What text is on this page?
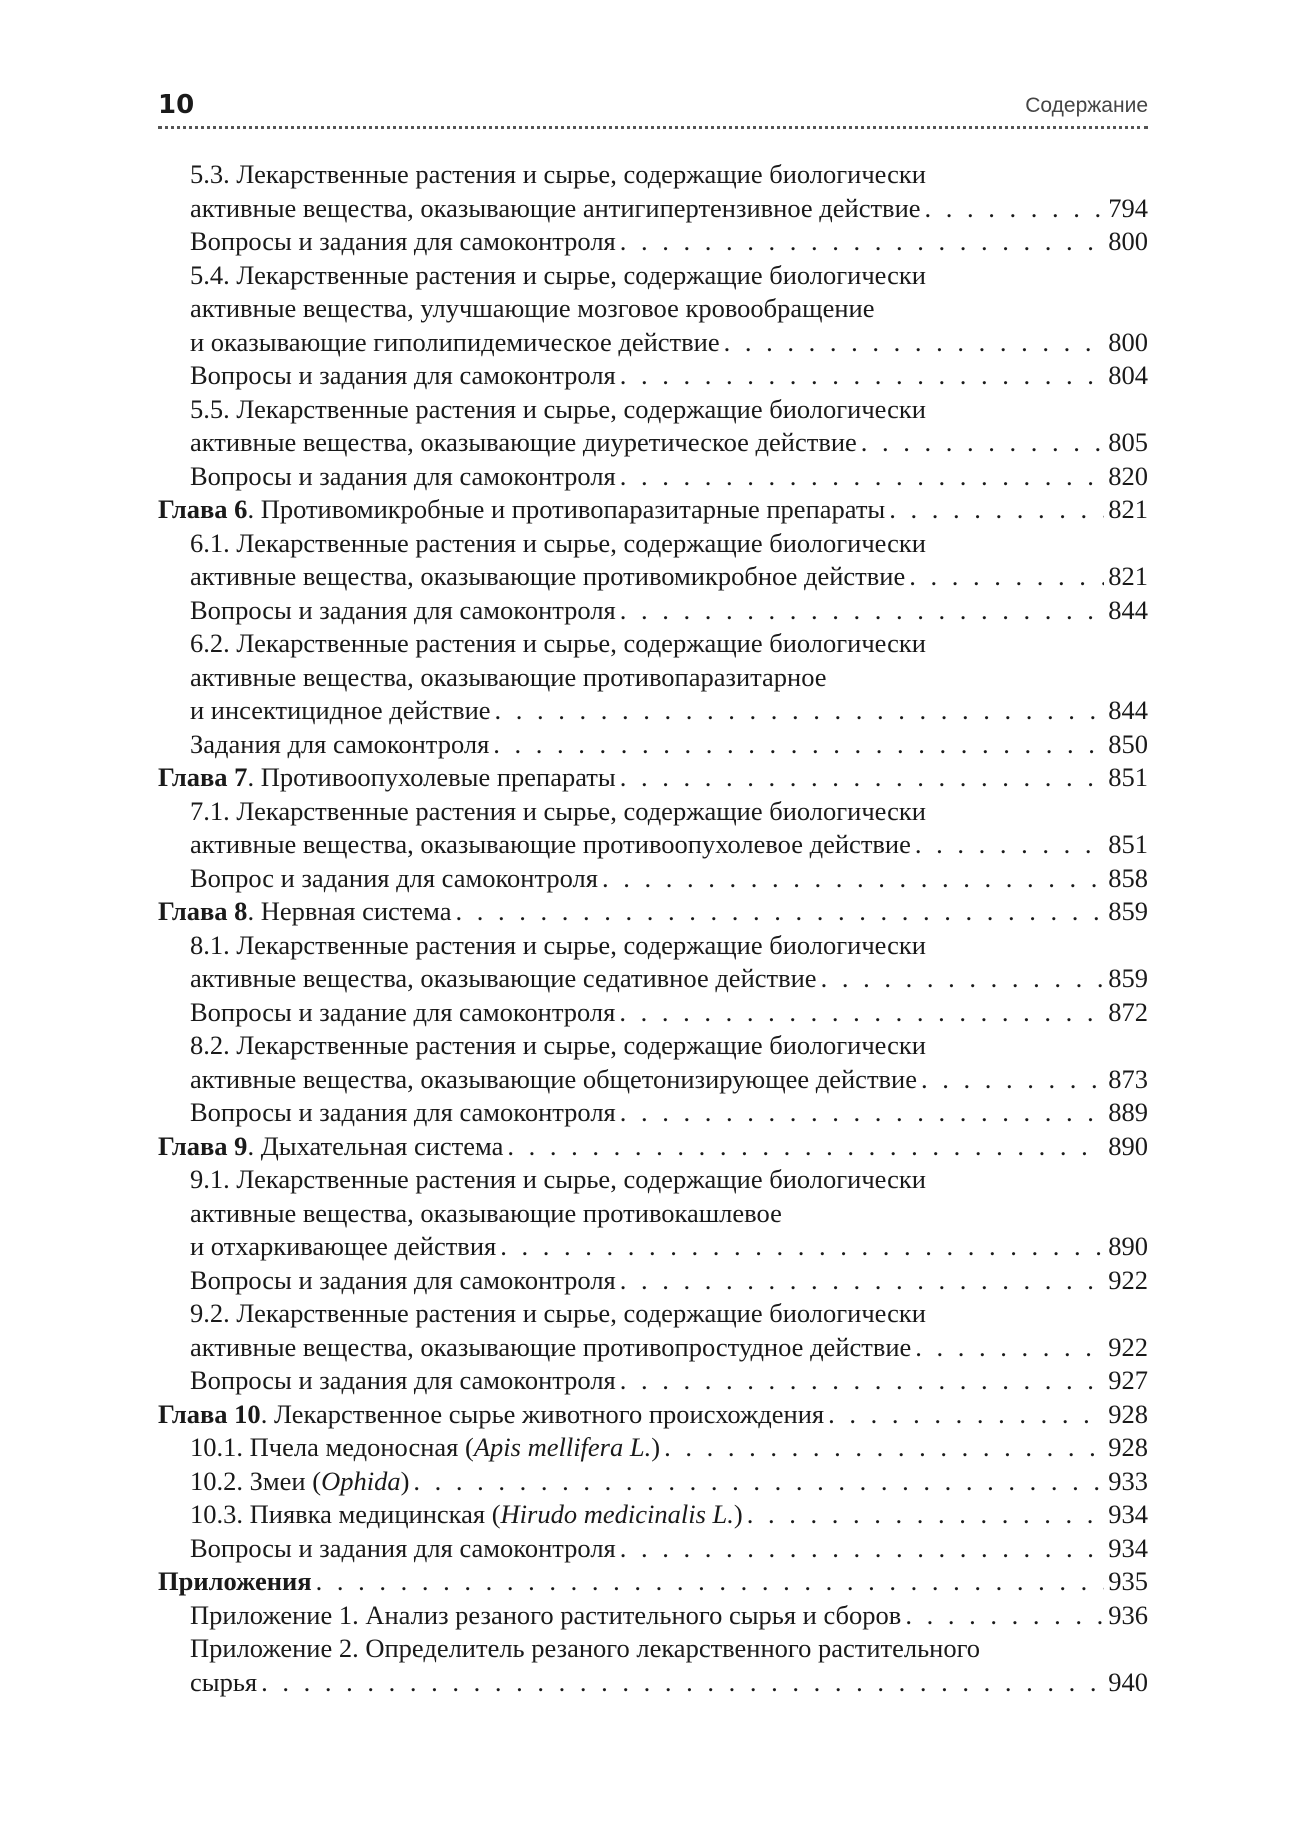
10	Содержание
5.3. Лекарственные растения и сырье, содержащие биологически
активные вещества, оказывающие антигипертензивное действие . . .	794
Вопросы и задания для самоконтроля . . .	800
5.4. Лекарственные растения и сырье, содержащие биологически
активные вещества, улучшающие мозговое кровообращение
и оказывающие гиполипидемическое действие . . .	800
Вопросы и задания для самоконтроля . . .	804
5.5. Лекарственные растения и сырье, содержащие биологически
активные вещества, оказывающие диуретическое действие . . .	805
Вопросы и задания для самоконтроля . . .	820
Глава 6. Противомикробные и противопаразитарные препараты . . .	821
6.1. Лекарственные растения и сырье, содержащие биологически
активные вещества, оказывающие противомикробное действие . . .	821
Вопросы и задания для самоконтроля . . .	844
6.2. Лекарственные растения и сырье, содержащие биологически
активные вещества, оказывающие противопаразитарное
и инсектицидное действие . . .	844
Задания для самоконтроля . . .	850
Глава 7. Противоопухолевые препараты . . .	851
7.1. Лекарственные растения и сырье, содержащие биологически
активные вещества, оказывающие противоопухолевое действие . . .	851
Вопрос и задания для самоконтроля . . .	858
Глава 8. Нервная система . . .	859
8.1. Лекарственные растения и сырье, содержащие биологически
активные вещества, оказывающие седативное действие . . .	859
Вопросы и задание для самоконтроля . . .	872
8.2. Лекарственные растения и сырье, содержащие биологически
активные вещества, оказывающие общетонизирующее действие . . .	873
Вопросы и задания для самоконтроля . . .	889
Глава 9. Дыхательная система . . .	890
9.1. Лекарственные растения и сырье, содержащие биологически
активные вещества, оказывающие противокашлевое
и отхаркивающее действия . . .	890
Вопросы и задания для самоконтроля . . .	922
9.2. Лекарственные растения и сырье, содержащие биологически
активные вещества, оказывающие противопростудное действие . . .	922
Вопросы и задания для самоконтроля . . .	927
Глава 10. Лекарственное сырье животного происхождения . . .	928
10.1. Пчела медоносная (Apis mellifera L.) . . .	928
10.2. Змеи (Ophida) . . .	933
10.3. Пиявка медицинская (Hirudo medicinalis L.) . . .	934
Вопросы и задания для самоконтроля . . .	934
Приложения . . .	935
Приложение 1. Анализ резаного растительного сырья и сборов . . .	936
Приложение 2. Определитель резаного лекарственного растительного
сырья . . .	940
